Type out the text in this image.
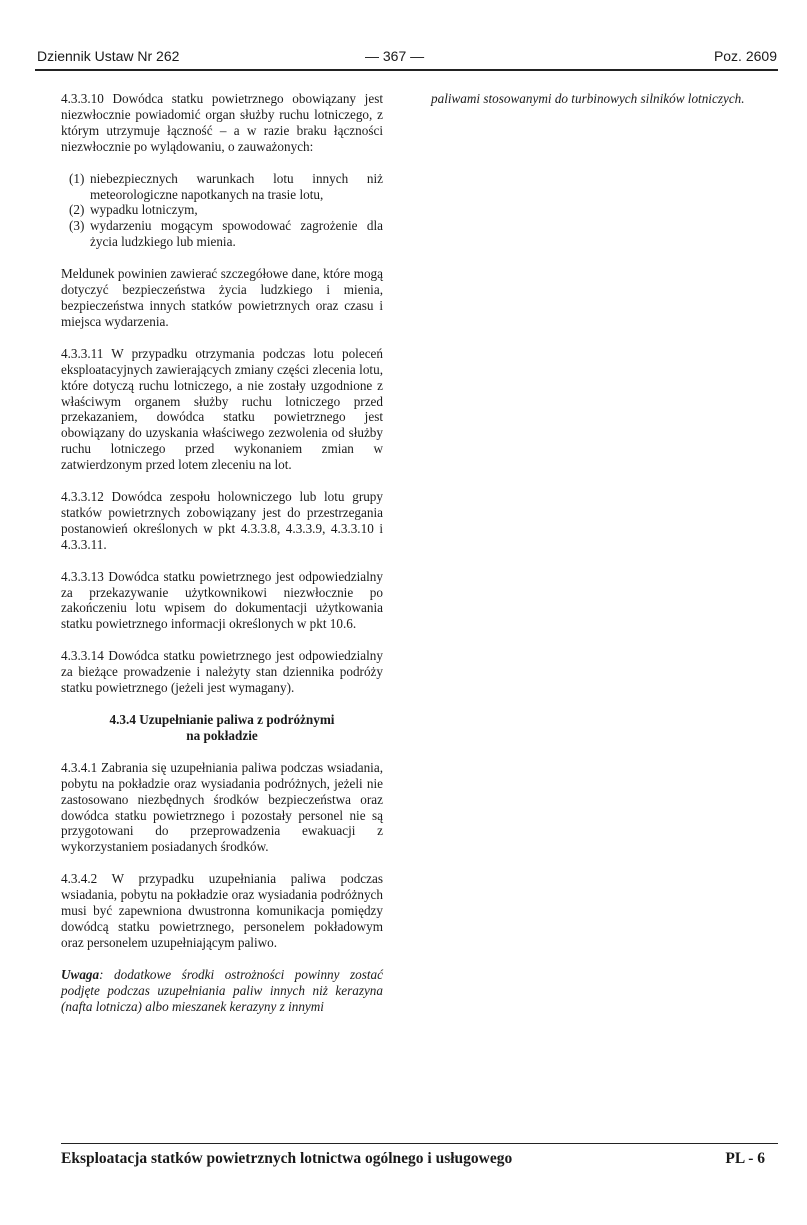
Dziennik Ustaw Nr 262	— 367 —	Poz. 2609

4.3.3.10 Dowódca statku powietrznego obowiązany jest niezwłocznie powiadomić organ służby ruchu lotniczego, z którym utrzymuje łączność – a w razie braku łączności niezwłocznie po wylądowaniu, o zauważonych:

(1) niebezpiecznych warunkach lotu innych niż meteorologiczne napotkanych na trasie lotu,
(2) wypadku lotniczym,
(3) wydarzeniu mogącym spowodować zagrożenie dla życia ludzkiego lub mienia.

Meldunek powinien zawierać szczegółowe dane, które mogą dotyczyć bezpieczeństwa życia ludzkiego i mienia, bezpieczeństwa innych statków powietrznych oraz czasu i miejsca wydarzenia.

4.3.3.11 W przypadku otrzymania podczas lotu poleceń eksploatacyjnych zawierających zmiany części zlecenia lotu, które dotyczą ruchu lotniczego, a nie zostały uzgodnione z właściwym organem służby ruchu lotniczego przed przekazaniem, dowódca statku powietrznego jest obowiązany do uzyskania właściwego zezwolenia od służby ruchu lotniczego przed wykonaniem zmian w zatwierdzonym przed lotem zleceniu na lot.

4.3.3.12 Dowódca zespołu holowniczego lub lotu grupy statków powietrznych zobowiązany jest do przestrzegania postanowień określonych w pkt 4.3.3.8, 4.3.3.9, 4.3.3.10 i 4.3.3.11.

4.3.3.13 Dowódca statku powietrznego jest odpowiedzialny za przekazywanie użytkownikowi niezwłocznie po zakończeniu lotu wpisem do dokumentacji użytkowania statku powietrznego informacji określonych w pkt 10.6.

4.3.3.14 Dowódca statku powietrznego jest odpowiedzialny za bieżące prowadzenie i należyty stan dziennika podróży statku powietrznego (jeżeli jest wymagany).

4.3.4 Uzupełnianie paliwa z podróżnymi
na pokładzie

4.3.4.1 Zabrania się uzupełniania paliwa podczas wsiadania, pobytu na pokładzie oraz wysiadania podróżnych, jeżeli nie zastosowano niezbędnych środków bezpieczeństwa oraz dowódca statku powietrznego i pozostały personel nie są przygotowani do przeprowadzenia ewakuacji z wykorzystaniem posiadanych środków.

4.3.4.2 W przypadku uzupełniania paliwa podczas wsiadania, pobytu na pokładzie oraz wysiadania podróżnych musi być zapewniona dwustronna komunikacja pomiędzy dowódcą statku powietrznego, personelem pokładowym oraz personelem uzupełniającym paliwo.

Uwaga: dodatkowe środki ostrożności powinny zostać podjęte podczas uzupełniania paliw innych niż kerazyna (nafta lotnicza) albo mieszanek kerazyny z innymi

paliwami stosowanymi do turbinowych silników lotniczych.
Eksploatacja statków powietrznych lotnictwa ogólnego i usługowego	PL - 6
